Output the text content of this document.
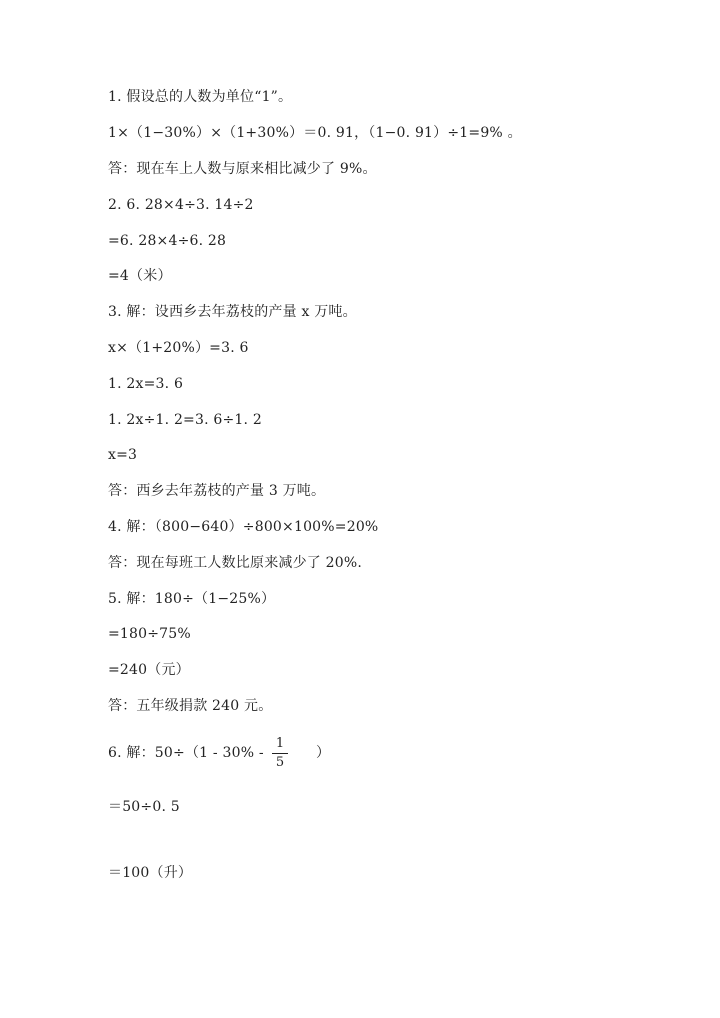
1. 假设总的人数为单位“1”。
1×（1−30%）×（1+30%）＝0. 91，（1−0. 91）÷1=9% 。
答：现在车上人数与原来相比减少了 9%。
2. 6. 28×4÷3. 14÷2
=6. 28×4÷6. 28
=4（米）
3. 解：设西乡去年荔枝的产量 x 万吨。
x×（1+20%）=3. 6
1. 2x=3. 6
1. 2x÷1. 2=3. 6÷1. 2
x=3
答：西乡去年荔枝的产量 3 万吨。
4. 解：（800−640）÷800×100%=20%
答：现在每班工人数比原来减少了 20%.
5. 解：180÷（1−25%）
=180÷75%
=240（元）
答：五年级捐款 240 元。
6. 解：50÷（1 - 30% -
1
5
）
＝50÷0. 5
＝100（升）
